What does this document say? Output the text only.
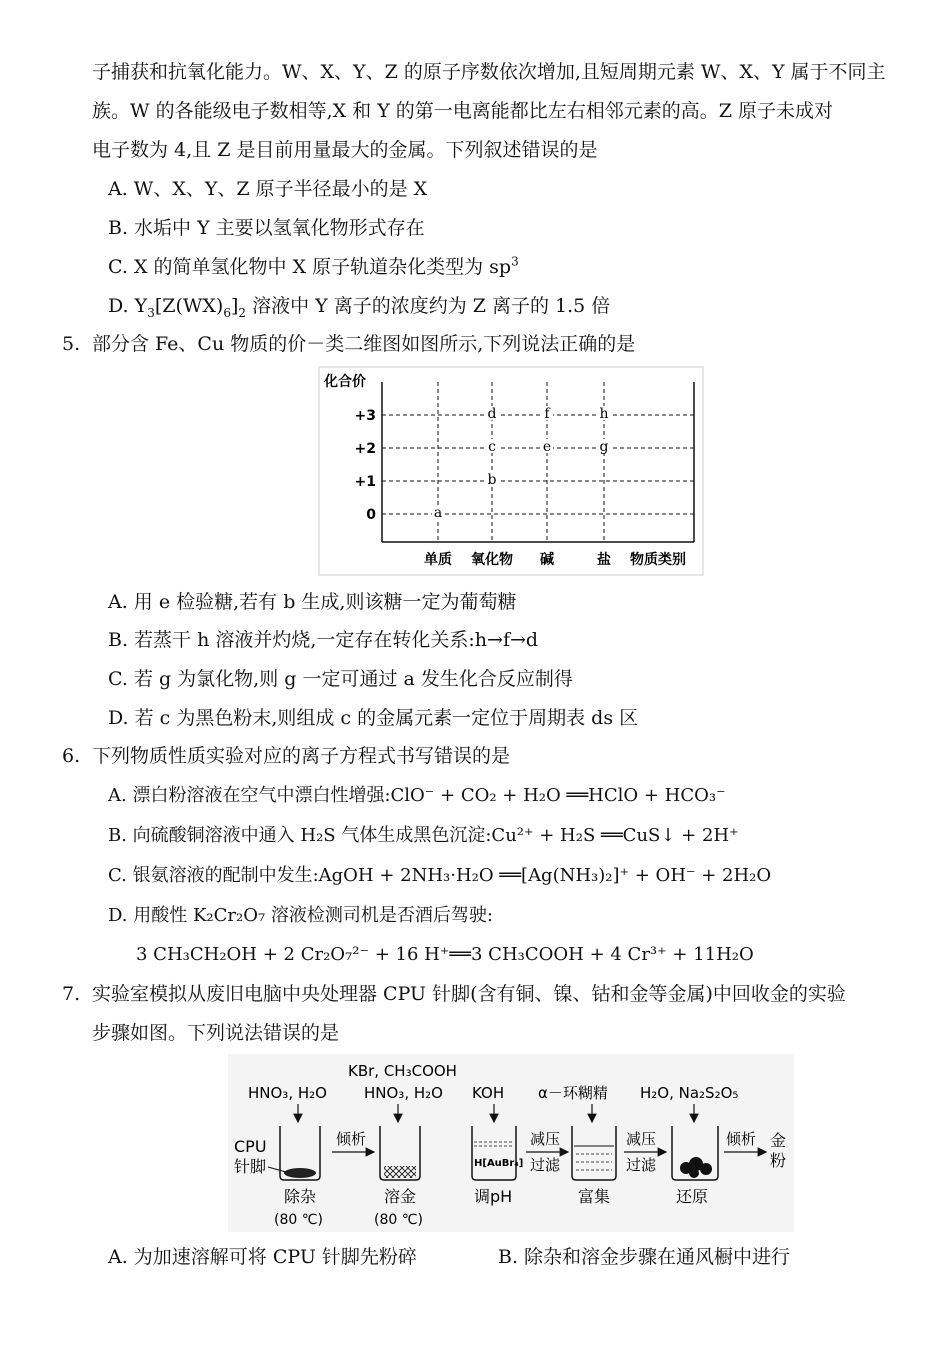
子捕获和抗氧化能力。W、X、Y、Z 的原子序数依次增加,且短周期元素 W、X、Y 属于不同主
族。W 的各能级电子数相等,X 和 Y 的第一电离能都比左右相邻元素的高。Z 原子未成对
电子数为 4,且 Z 是目前用量最大的金属。下列叙述错误的是
A. W、X、Y、Z 原子半径最小的是 X
B. 水垢中 Y 主要以氢氧化物形式存在
C. X 的简单氢化物中 X 原子轨道杂化类型为 $sp^3$
D. $Y_3[Z(WX)_6]_2$ 溶液中 Y 离子的浓度约为 Z 离子的 1.5 倍
5. 部分含 Fe、Cu 物质的价－类二维图如图所示,下列说法正确的是
化合价
物质类别
+3
+2
+1
0
单质 氧化物 碱	盐
a
b
c
d
e
f
g
h
A. 用 e 检验糖,若有 b 生成,则该糖一定为葡萄糖
B. 若蒸干 h 溶液并灼烧,一定存在转化关系:h→f→d
C. 若 g 为氯化物,则 g 一定可通过 a 发生化合反应制得
D. 若 c 为黑色粉末,则组成 c 的金属元素一定位于周期表 ds 区
6. 下列物质性质实验对应的离子方程式书写错误的是
A. 漂白粉溶液在空气中漂白性增强:ClO⁻ + CO₂ + H₂O ══HClO + HCO₃⁻
B. 向硫酸铜溶液中通入 H₂S 气体生成黑色沉淀:Cu²⁺ + H₂S ══CuS↓ + 2H⁺
C. 银氨溶液的配制中发生:AgOH + 2NH₃·H₂O ══[Ag(NH₃)₂]⁺ + OH⁻ + 2H₂O
D. 用酸性 K₂Cr₂O₇ 溶液检测司机是否酒后驾驶:
3 CH₃CH₂OH + 2 Cr₂O₇²⁻ + 16 H⁺══3 CH₃COOH + 4 Cr³⁺ + 11H₂O
7. 实验室模拟从废旧电脑中央处理器 CPU 针脚(含有铜、镍、钴和金等金属)中回收金的实验
步骤如图。下列说法错误的是
KBr, CH₃COOH
HNO₃, H₂O HNO₃, H₂O KOH α－环糊精 H₂O, Na₂S₂O₅
CPU
针脚
倾析
H[AuBr₄]
减压
过滤
减压
过滤
倾析 金
粉
除杂
(80 ℃)
溶金
(80 ℃)
调pH	富集	还原
A. 为加速溶解可将 CPU 针脚先粉碎	B. 除杂和溶金步骤在通风橱中进行
